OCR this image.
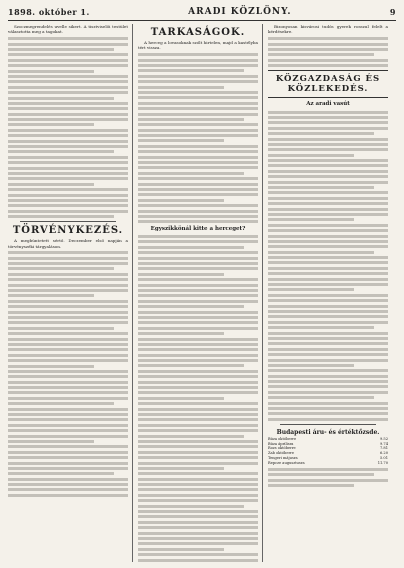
1898. október 1.	ARADI KÖZLÖNY.	9

Szoczmegrendelés uvelle sikert. A tisztviselői testület választotta meg a tagokat.

TÖRVÉNYKEZÉS.

A megbüntetett sértő. Deczember első napján a törvényszéki tárgyaláson.

TARKASÁGOK.

A herceg a lovasoknak szólt hirtelen, majd a kastélyba tért vissza.

Egyszikkönál kitte a herceget?

Bizonyosan kisvárosi tudós gyerek rosszul felelt a kérdésekre.

KÖZGAZDASÁG ÉS KÖZLEKEDÉS.
Az aradi vasút
Budapesti áru- és értéktőzsde.
Búza októberre	9.52
Búza áprilisra	9.74
Rozs októberre	7.81
Zab októberre	6.20
Tengeri májusra	5.01
Repcze augusztusra	11.70
